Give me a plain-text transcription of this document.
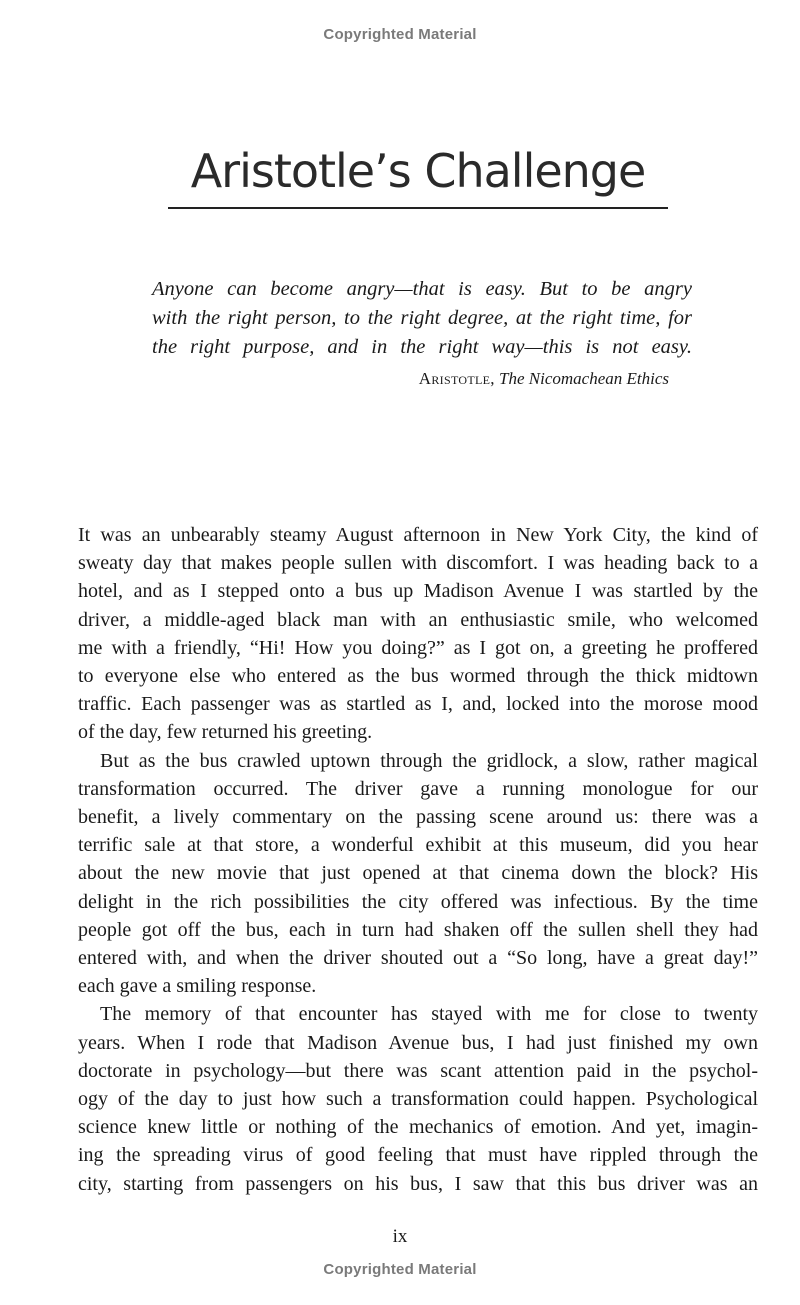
Copyrighted Material
Aristotle’s Challenge
Anyone can become angry—that is easy. But to be angry
with the right person, to the right degree, at the right time, for
the right purpose, and in the right way—this is not easy.
Aristotle, The Nicomachean Ethics
It was an unbearably steamy August afternoon in New York City, the kind of
sweaty day that makes people sullen with discomfort. I was heading back to a
hotel, and as I stepped onto a bus up Madison Avenue I was startled by the
driver, a middle-aged black man with an enthusiastic smile, who welcomed
me with a friendly, “Hi! How you doing?” as I got on, a greeting he proffered
to everyone else who entered as the bus wormed through the thick midtown
traffic. Each passenger was as startled as I, and, locked into the morose mood
of the day, few returned his greeting.
But as the bus crawled uptown through the gridlock, a slow, rather magical
transformation occurred. The driver gave a running monologue for our
benefit, a lively commentary on the passing scene around us: there was a
terrific sale at that store, a wonderful exhibit at this museum, did you hear
about the new movie that just opened at that cinema down the block? His
delight in the rich possibilities the city offered was infectious. By the time
people got off the bus, each in turn had shaken off the sullen shell they had
entered with, and when the driver shouted out a “So long, have a great day!”
each gave a smiling response.
The memory of that encounter has stayed with me for close to twenty
years. When I rode that Madison Avenue bus, I had just finished my own
doctorate in psychology—but there was scant attention paid in the psychol-
ogy of the day to just how such a transformation could happen. Psychological
science knew little or nothing of the mechanics of emotion. And yet, imagin-
ing the spreading virus of good feeling that must have rippled through the
city, starting from passengers on his bus, I saw that this bus driver was an
ix
Copyrighted Material
